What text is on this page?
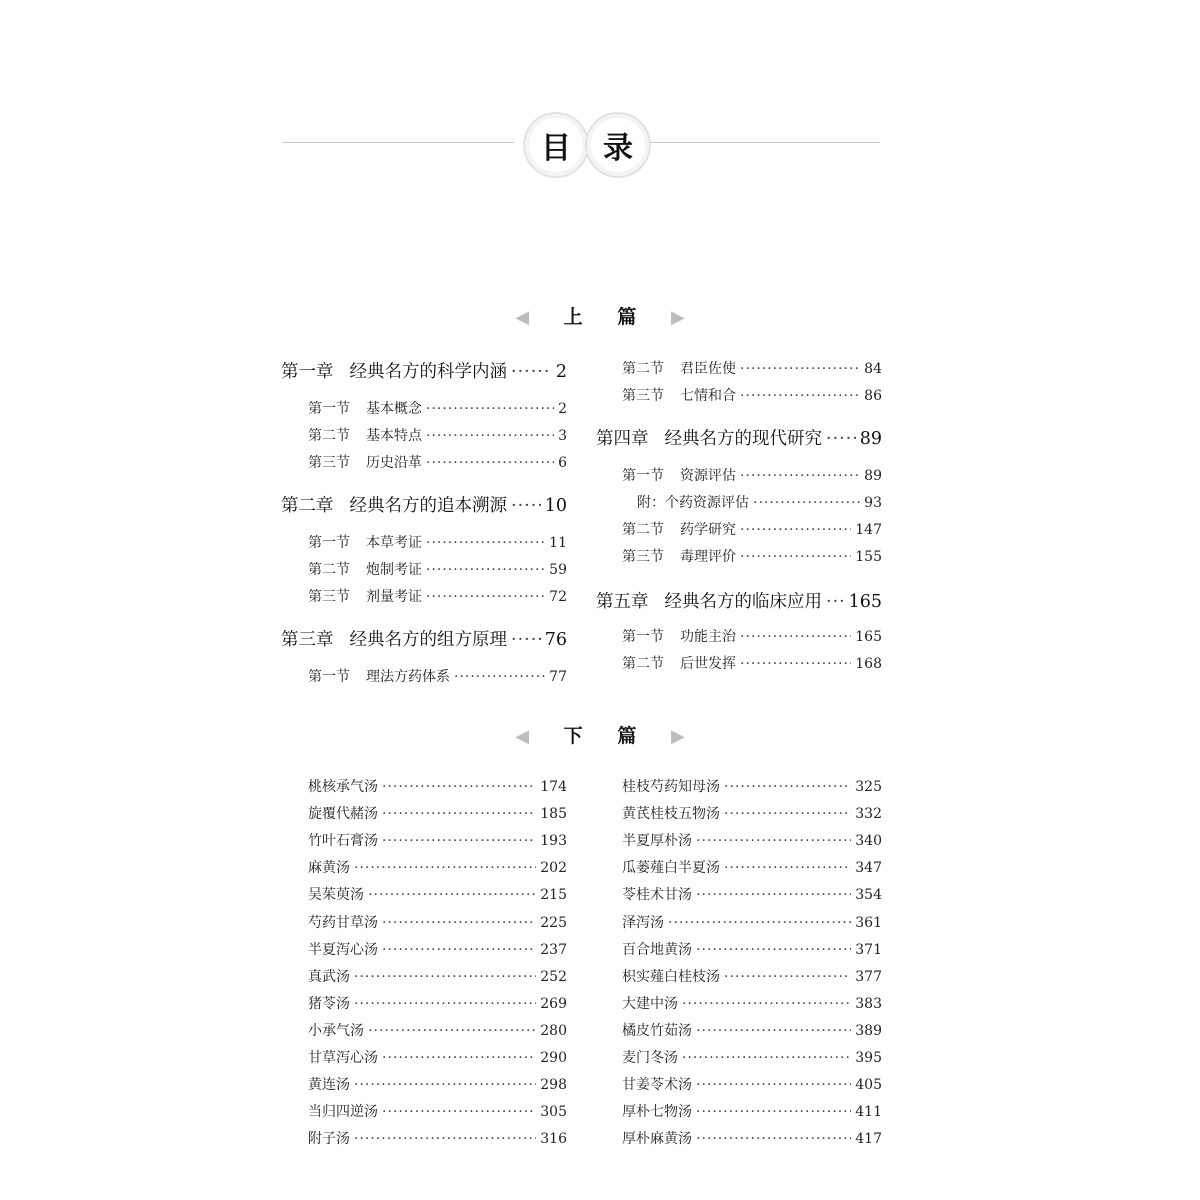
目 录
◀ 上 篇 ▶
◀ 下 篇 ▶
第一章 经典名方的科学内涵 ·····	2
第一节 基本概念 ·····	2
第二节 基本特点 ·····	3
第三节 历史沿革 ·····	6
第二章 经典名方的追本溯源 ····· 10
第一节 本草考证 ·····	11
第二节 炮制考证 ·····	59
第三节 剂量考证 ·····	72
第三章 经典名方的组方原理 ····· 76
第一节 理法方药体系 ·····	77
第二节 君臣佐使 ·····	84
第三节 七情和合 ·····	86
第四章 经典名方的现代研究 ····· 89
第一节 资源评估 ·····	89
附：个药资源评估 ·····	93
第二节 药学研究 ·····	147
第三节 毒理评价 ·····	155
第五章 经典名方的临床应用 ····· 165
第一节 功能主治 ·····	165
第二节 后世发挥 ·····	168
桃核承气汤 ·····	174
旋覆代赭汤 ·····	185
竹叶石膏汤 ·····	193
麻黄汤 ·····	202
吴茱萸汤 ·····	215
芍药甘草汤 ·····	225
半夏泻心汤 ·····	237
真武汤 ·····	252
猪苓汤 ·····	269
小承气汤 ·····	280
甘草泻心汤 ·····	290
黄连汤 ·····	298
当归四逆汤 ·····	305
附子汤 ·····	316
桂枝芍药知母汤 ·····	325
黄芪桂枝五物汤 ·····	332
半夏厚朴汤 ·····	340
瓜蒌薤白半夏汤 ·····	347
苓桂术甘汤 ·····	354
泽泻汤 ·····	361
百合地黄汤 ·····	371
枳实薤白桂枝汤 ·····	377
大建中汤 ·····	383
橘皮竹茹汤 ·····	389
麦门冬汤 ·····	395
甘姜苓术汤 ·····	405
厚朴七物汤 ·····	411
厚朴麻黄汤 ·····	417
